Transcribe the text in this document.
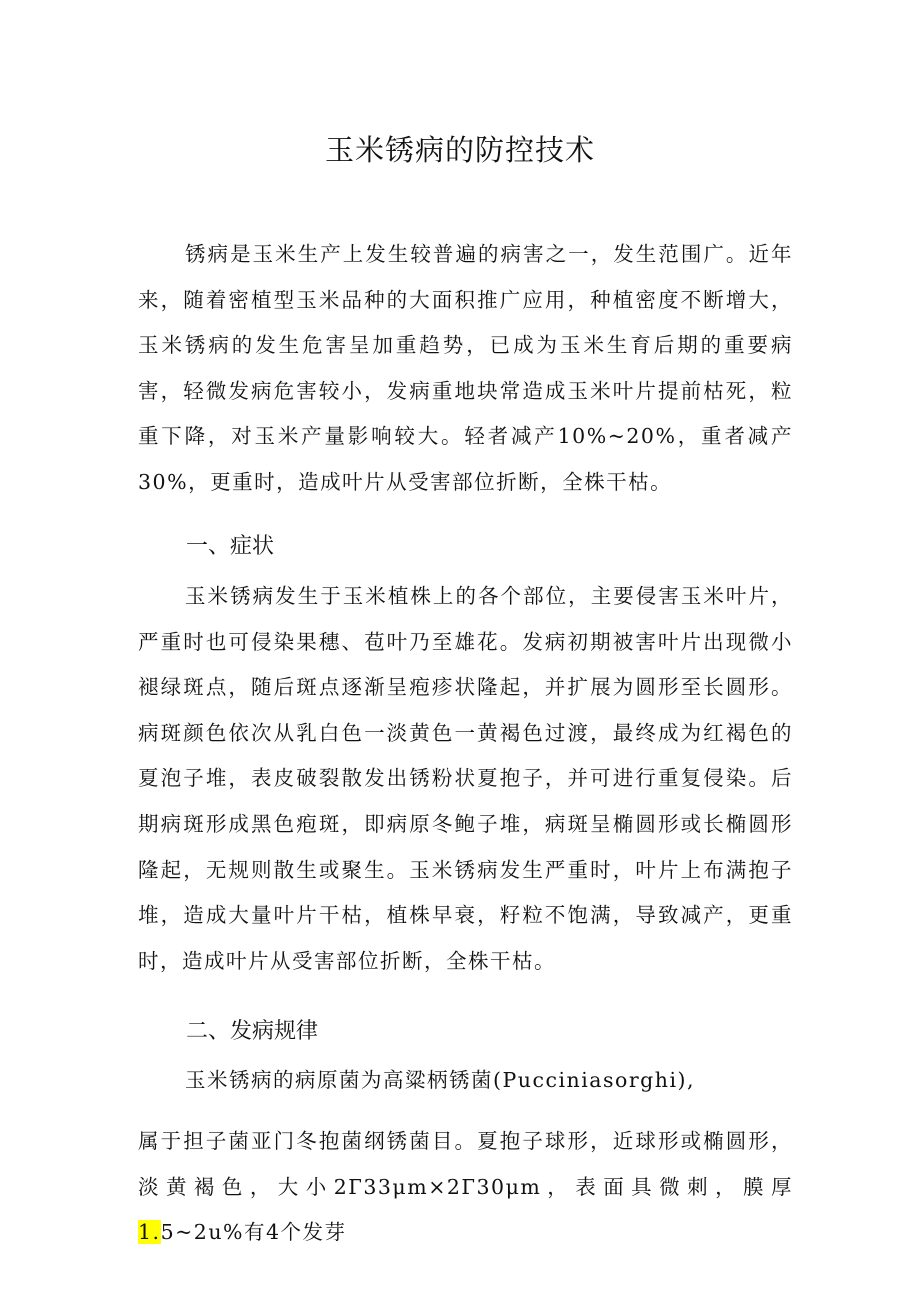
玉米锈病的防控技术

锈病是玉米生产上发生较普遍的病害之一，发生范围广。近年来，随着密植型玉米品种的大面积推广应用，种植密度不断增大，玉米锈病的发生危害呈加重趋势，已成为玉米生育后期的重要病害，轻微发病危害较小，发病重地块常造成玉米叶片提前枯死，粒重下降，对玉米产量影响较大。轻者减产10%~20%，重者减产30%，更重时，造成叶片从受害部位折断，全株干枯。

一、症状

玉米锈病发生于玉米植株上的各个部位，主要侵害玉米叶片，严重时也可侵染果穗、苞叶乃至雄花。发病初期被害叶片出现微小褪绿斑点，随后斑点逐渐呈疱疹状隆起，并扩展为圆形至长圆形。病斑颜色依次从乳白色一淡黄色一黄褐色过渡，最终成为红褐色的夏泡子堆，表皮破裂散发出锈粉状夏抱子，并可进行重复侵染。后期病斑形成黑色疱斑，即病原冬鲍子堆，病斑呈椭圆形或长椭圆形隆起，无规则散生或聚生。玉米锈病发生严重时，叶片上布满抱子堆，造成大量叶片干枯，植株早衰，籽粒不饱满，导致减产，更重时，造成叶片从受害部位折断，全株干枯。

二、发病规律

玉米锈病的病原菌为高粱柄锈菌(Pucciniasorghi),

属于担子菌亚门冬抱菌纲锈菌目。夏抱子球形，近球形或椭圆形，淡黄褐色，大小2Г33μm×2Г30μm，表面具微刺，膜厚1.5~2u%有4个发芽
